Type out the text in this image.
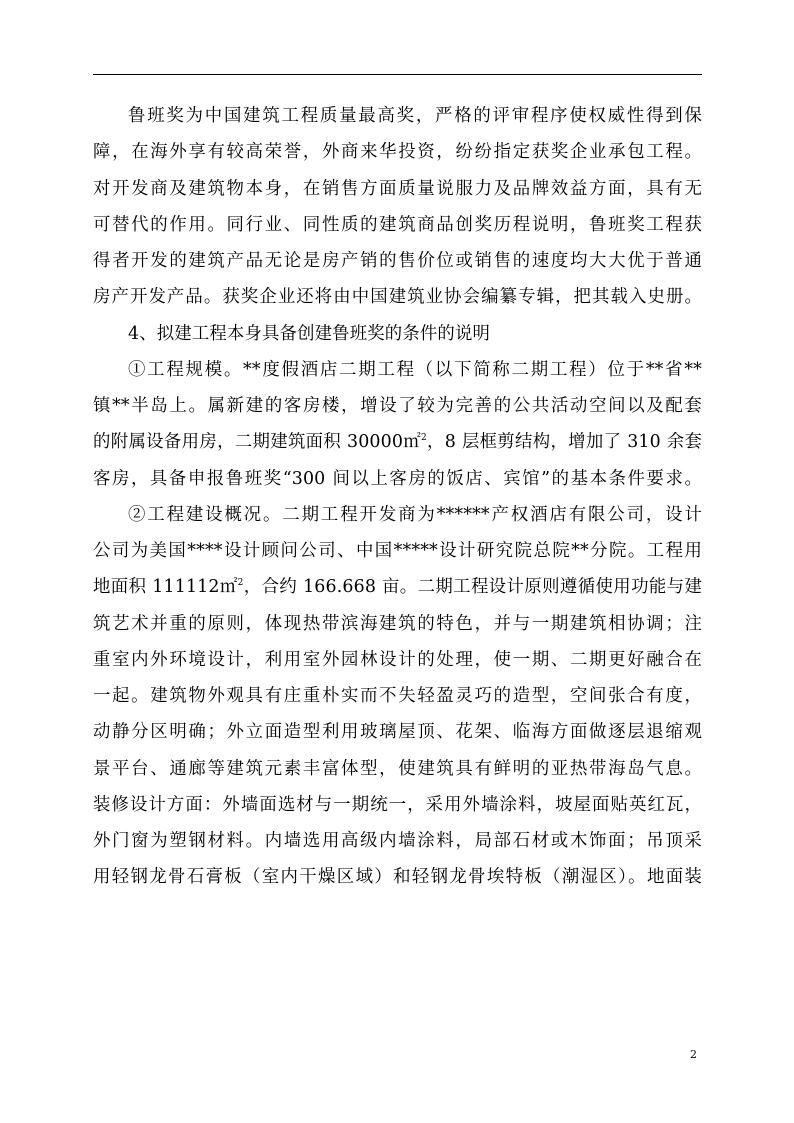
鲁班奖为中国建筑工程质量最高奖，严格的评审程序使权威性得到保
障，在海外享有较高荣誉，外商来华投资，纷纷指定获奖企业承包工程。
对开发商及建筑物本身，在销售方面质量说服力及品牌效益方面，具有无
可替代的作用。同行业、同性质的建筑商品创奖历程说明，鲁班奖工程获
得者开发的建筑产品无论是房产销的售价位或销售的速度均大大优于普通
房产开发产品。获奖企业还将由中国建筑业协会编纂专辑，把其载入史册。
4、拟建工程本身具备创建鲁班奖的条件的说明
①工程规模。**度假酒店二期工程（以下简称二期工程）位于**省**
镇**半岛上。属新建的客房楼，增设了较为完善的公共活动空间以及配套
的附属设备用房，二期建筑面积 30000㎡$^2$，8 层框剪结构，增加了 310 余套
客房，具备申报鲁班奖“300 间以上客房的饭店、宾馆”的基本条件要求。
②工程建设概况。二期工程开发商为******产权酒店有限公司，设计
公司为美国****设计顾问公司、中国*****设计研究院总院**分院。工程用
地面积 111112㎡$^2$，合约 166.668 亩。二期工程设计原则遵循使用功能与建
筑艺术并重的原则，体现热带滨海建筑的特色，并与一期建筑相协调；注
重室内外环境设计，利用室外园林设计的处理，使一期、二期更好融合在
一起。建筑物外观具有庄重朴实而不失轻盈灵巧的造型，空间张合有度，
动静分区明确；外立面造型利用玻璃屋顶、花架、临海方面做逐层退缩观
景平台、通廊等建筑元素丰富体型，使建筑具有鲜明的亚热带海岛气息。
装修设计方面：外墙面选材与一期统一，采用外墙涂料，坡屋面贴英红瓦，
外门窗为塑钢材料。内墙选用高级内墙涂料，局部石材或木饰面；吊顶采
用轻钢龙骨石膏板（室内干燥区域）和轻钢龙骨埃特板（潮湿区）。地面装
2
